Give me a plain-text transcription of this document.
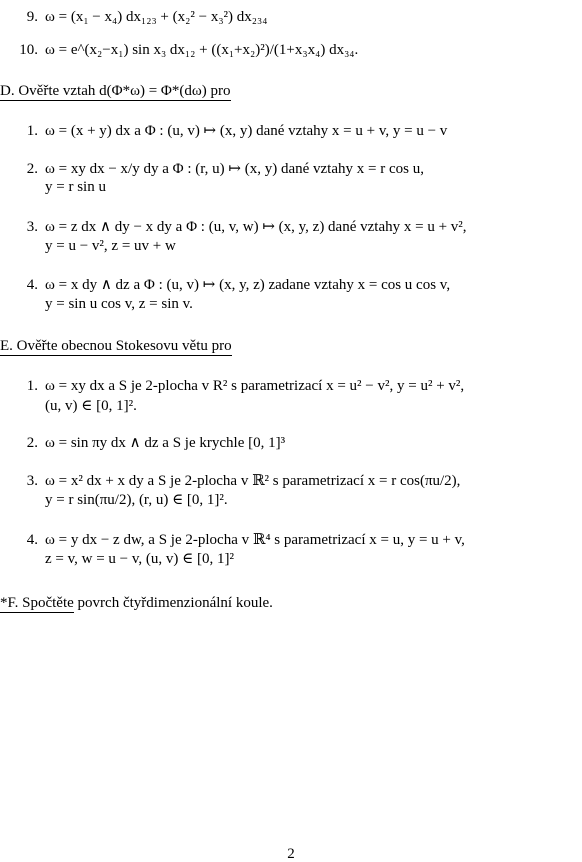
9. ω = (x₁ − x₄) dx₁₂₃ + (x₂² − x₃²) dx₂₃₄
10. ω = e^(x₂−x₁) sin x₃ dx₁₂ + ((x₁+x₂)²)/(1+x₃x₄) dx₃₄.
D. Ověřte vztah d(Φ*ω) = Φ*(dω) pro
1. ω = (x + y) dx a Φ : (u, v) ↦ (x, y) dané vztahy x = u + v, y = u − v
2. ω = xy dx − x/y dy a Φ : (r, u) ↦ (x, y) dané vztahy x = r cos u,
y = r sin u
3. ω = z dx ∧ dy − x dy a Φ : (u, v, w) ↦ (x, y, z) dané vztahy x = u + v²,
y = u − v², z = uv + w
4. ω = x dy ∧ dz a Φ : (u, v) ↦ (x, y, z) zadane vztahy x = cos u cos v,
y = sin u cos v, z = sin v.
E. Ověřte obecnou Stokesovu větu pro
1. ω = xy dx a S je 2-plocha v R² s parametrizací x = u² − v², y = u² + v²,
(u, v) ∈ [0, 1]².
2. ω = sin πy dx ∧ dz a S je krychle [0, 1]³
3. ω = x² dx + x dy a S je 2-plocha v ℝ² s parametrizací x = r cos(πu/2),
y = r sin(πu/2), (r, u) ∈ [0, 1]².
4. ω = y dx − z dw, a S je 2-plocha v ℝ⁴ s parametrizací x = u, y = u + v,
z = v, w = u − v, (u, v) ∈ [0, 1]²
*F. Spočtěte povrch čtyřdimenzionální koule.
2
